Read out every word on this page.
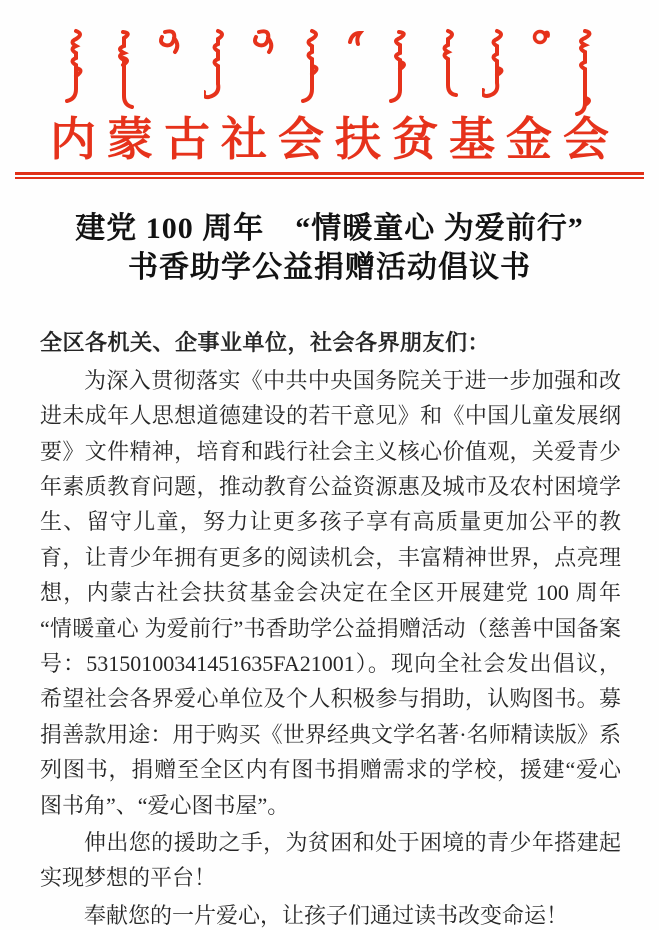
内蒙古社会扶贫基金会
建党 100 周年　“情暖童心 为爱前行”
书香助学公益捐赠活动倡议书

全区各机关、企事业单位，社会各界朋友们：

为深入贯彻落实《中共中央国务院关于进一步加强和改进未成年人思想道德建设的若干意见》和《中国儿童发展纲要》文件精神，培育和践行社会主义核心价值观，关爱青少年素质教育问题，推动教育公益资源惠及城市及农村困境学生、留守儿童，努力让更多孩子享有高质量更加公平的教育，让青少年拥有更多的阅读机会，丰富精神世界，点亮理想，内蒙古社会扶贫基金会决定在全区开展建党 100 周年 “情暖童心 为爱前行”书香助学公益捐赠活动（慈善中国备案号：53150100341451635FA21001）。现向全社会发出倡议，希望社会各界爱心单位及个人积极参与捐助，认购图书。募捐善款用途：用于购买《世界经典文学名著·名师精读版》系列图书，捐赠至全区内有图书捐赠需求的学校，援建“爱心图书角”、“爱心图书屋”。

伸出您的援助之手，为贫困和处于困境的青少年搭建起实现梦想的平台！

奉献您的一片爱心，让孩子们通过读书改变命运！
